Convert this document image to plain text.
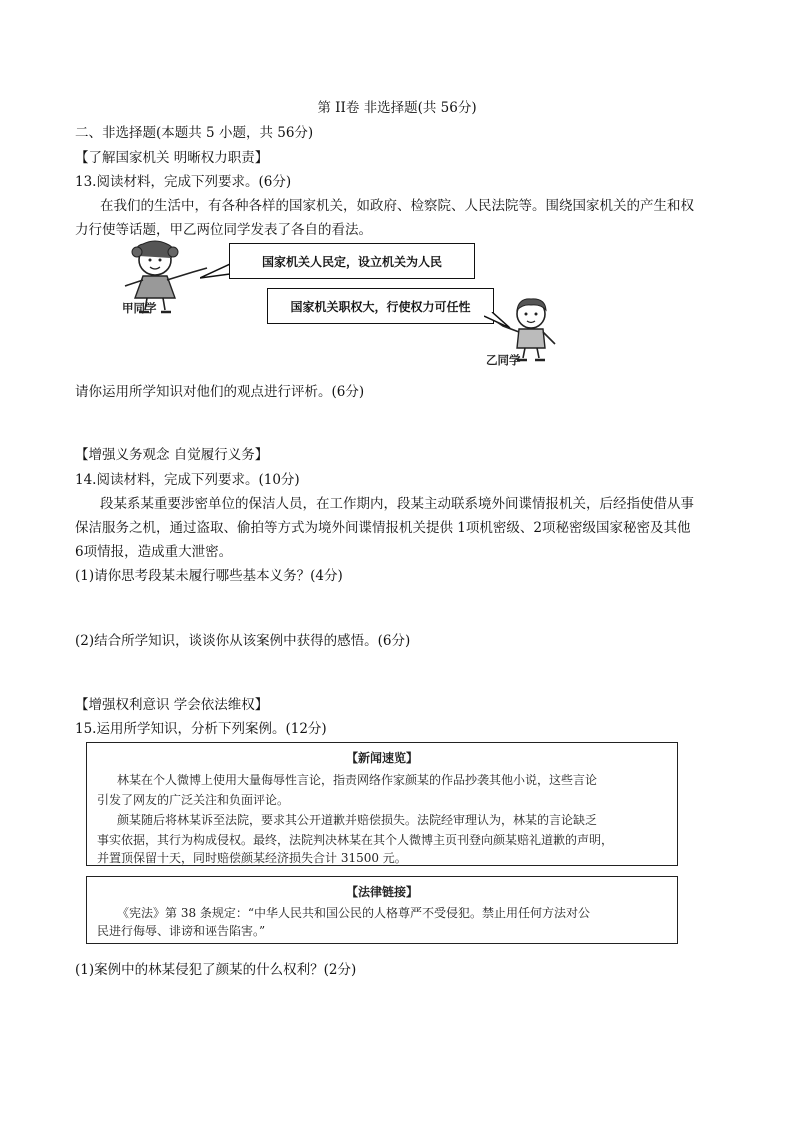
第 II卷 非选择题(共 56分)
二、非选择题(本题共 5 小题，共 56分)
【了解国家机关 明晰权力职责】
13.阅读材料，完成下列要求。(6分)
在我们的生活中，有各种各样的国家机关，如政府、检察院、人民法院等。围绕国家机关的产生和权
力行使等话题，甲乙两位同学发表了各自的看法。
甲同学
国家机关人民定，设立机关为人民
国家机关职权大，行使权力可任性
乙同学
请你运用所学知识对他们的观点进行评析。(6分)
【增强义务观念 自觉履行义务】
14.阅读材料，完成下列要求。(10分)
段某系某重要涉密单位的保洁人员，在工作期内，段某主动联系境外间谍情报机关，后经指使借从事
保洁服务之机，通过盗取、偷拍等方式为境外间谍情报机关提供 1项机密级、2项秘密级国家秘密及其他
6项情报，造成重大泄密。
(1)请你思考段某未履行哪些基本义务？(4分)
(2)结合所学知识，谈谈你从该案例中获得的感悟。(6分)
【增强权利意识 学会依法维权】
15.运用所学知识，分析下列案例。(12分)
【新闻速览】
林某在个人微博上使用大量侮辱性言论，指责网络作家颜某的作品抄袭其他小说，这些言论
引发了网友的广泛关注和负面评论。
颜某随后将林某诉至法院，要求其公开道歉并赔偿损失。法院经审理认为，林某的言论缺乏
事实依据，其行为构成侵权。最终，法院判决林某在其个人微博主页刊登向颜某赔礼道歉的声明，
并置顶保留十天，同时赔偿颜某经济损失合计 31500 元。
【法律链接】
《宪法》第 38 条规定：“中华人民共和国公民的人格尊严不受侵犯。禁止用任何方法对公
民进行侮辱、诽谤和诬告陷害。”
(1)案例中的林某侵犯了颜某的什么权利？(2分)
